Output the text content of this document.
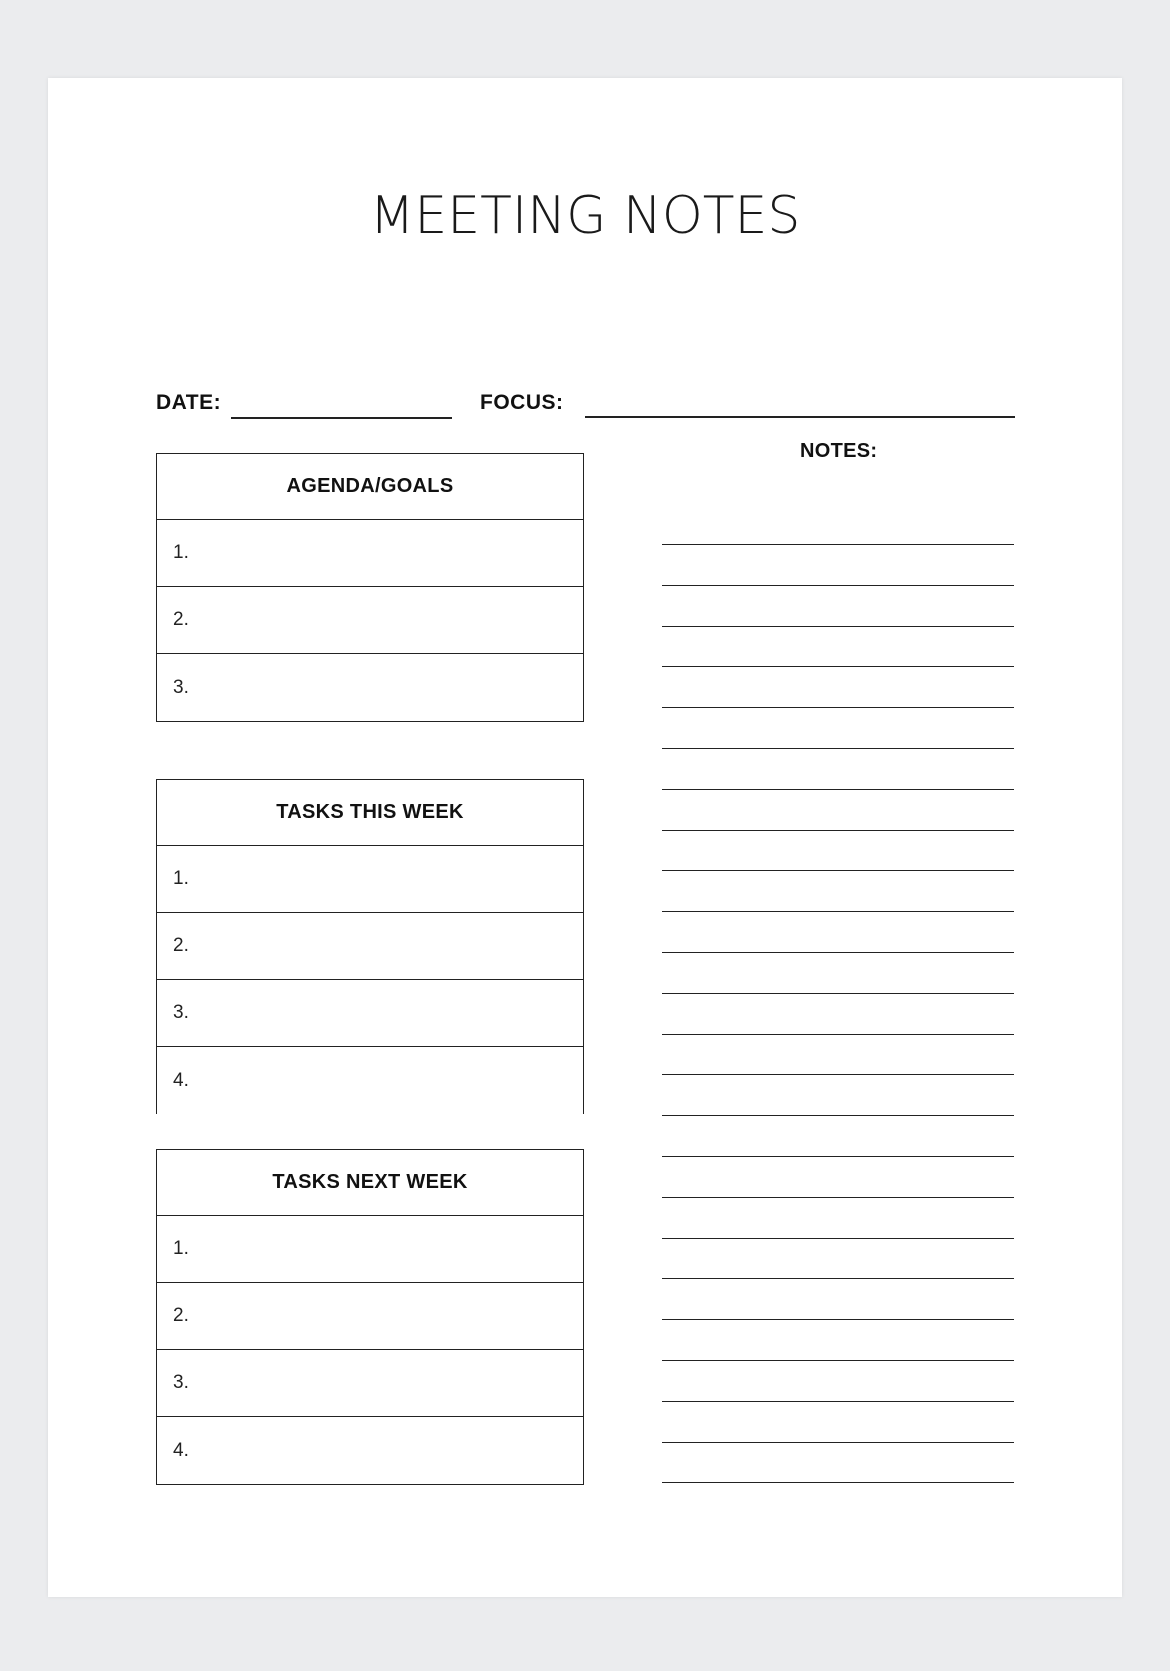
MEETING NOTES
DATE:	FOCUS:
AGENDA/GOALS
1.
2.
3.
TASKS THIS WEEK
1.
2.
3.
4.
TASKS NEXT WEEK
1.
2.
3.
4.
NOTES:
